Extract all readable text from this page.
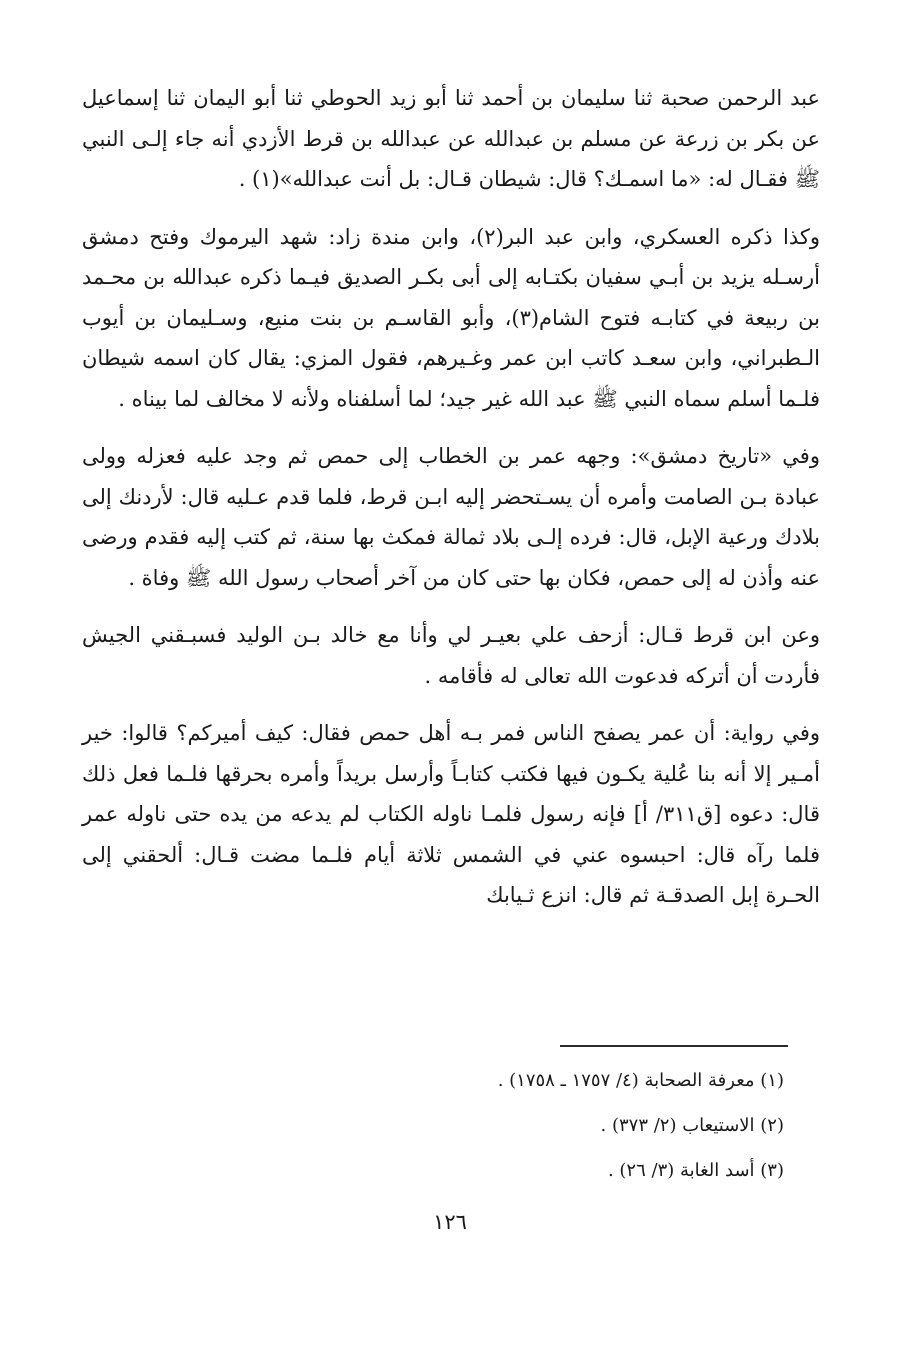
عبد الرحمن صحبة ثنا سليمان بن أحمد ثنا أبو زيد الحوطي ثنا أبو اليمان ثنا إسماعيل عن بكر بن زرعة عن مسلم بن عبدالله عن عبدالله بن قرط الأزدي أنه جاء إلـى النبي ﷺ فقـال له: «ما اسمـك؟ قال: شيطان قـال: بل أنت عبدالله»(١) .

وكذا ذكره العسكري، وابن عبد البر(٢)، وابن مندة زاد: شهد اليرموك وفتح دمشق أرسـله يزيد بن أبـي سفيان بكتـابه إلى أبى بكـر الصديق فيـما ذكره عبدالله بن محـمد بن ربيعة في كتابـه فتوح الشام(٣)، وأبو القاسـم بن بنت منيع، وسـليمان بن أيوب الـطبراني، وابن سعـد كاتب ابن عمر وغـيرهم، فقول المزي: يقال كان اسمه شيطان فلـما أسلم سماه النبي ﷺ عبد الله غير جيد؛ لما أسلفناه ولأنه لا مخالف لما بيناه .

وفي «تاريخ دمشق»: وجهه عمر بن الخطاب إلى حمص ثم وجد عليه فعزله وولى عبادة بـن الصامت وأمره أن يسـتحضر إليه ابـن قرط، فلما قدم عـليه قال: لأردنك إلى بلادك ورعية الإبل، قال: فرده إلـى بلاد ثمالة فمكث بها سنة، ثم كتب إليه فقدم ورضى عنه وأذن له إلى حمص، فكان بها حتى كان من آخر أصحاب رسول الله ﷺ وفاة .

وعن ابن قرط قـال: أزحف علي بعيـر لي وأنا مع خالد بـن الوليد فسبـقني الجيش فأردت أن أتركه فدعوت الله تعالى له فأقامه .

وفي رواية: أن عمر يصفح الناس فمر بـه أهل حمص فقال: كيف أميركم؟ قالوا: خير أمـير إلا أنه بنا عُلية يكـون فيها فكتب كتابـاً وأرسل بريداً وأمره بحرقها فلـما فعل ذلك قال: دعوه [ق٣١١/ أ] فإنه رسول فلمـا ناوله الكتاب لم يدعه من يده حتى ناوله عمر فلما رآه قال: احبسوه عني في الشمس ثلاثة أيام فلـما مضت قـال: ألحقني إلى الحـرة إبل الصدقـة ثم قال: انزع ثـيابك

(١) معرفة الصحابة (٤/ ١٧٥٧ ـ ١٧٥٨) .

(٢) الاستيعاب (٢/ ٣٧٣) .

(٣) أسد الغابة (٣/ ٢٦) .

١٢٦
